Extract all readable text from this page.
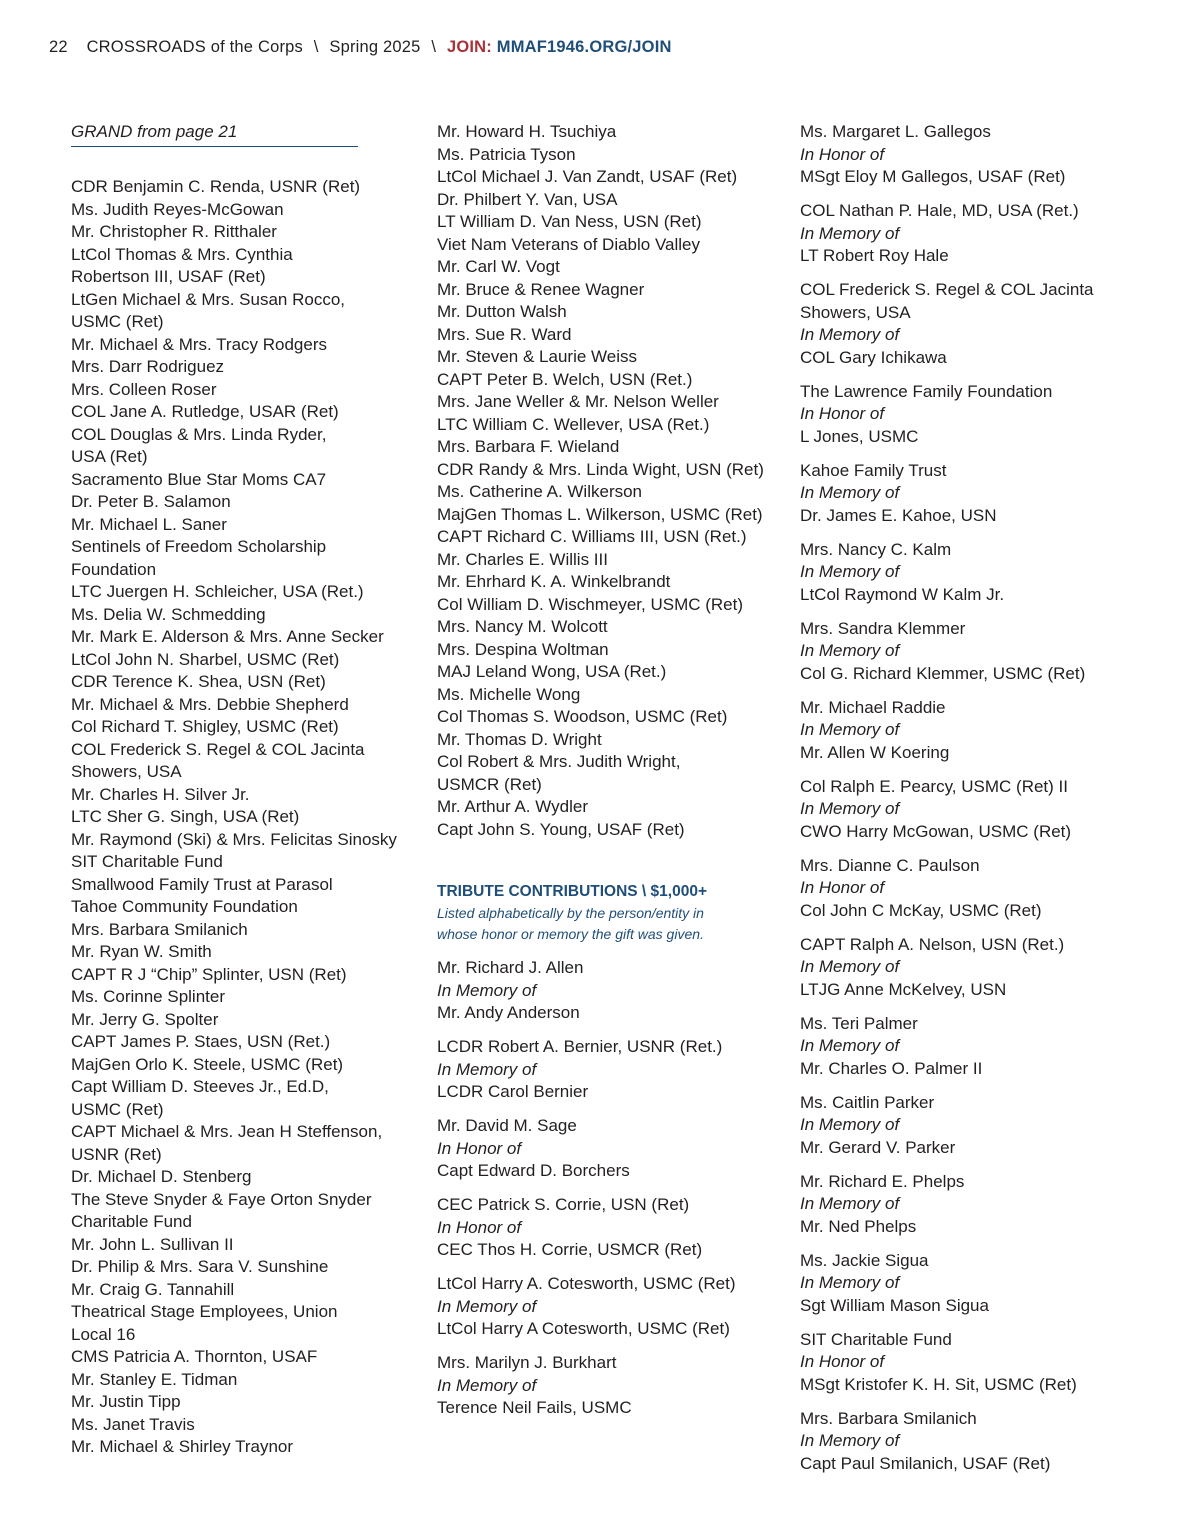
22 CROSSROADS of the Corps \ Spring 2025 \ JOIN: MMAF1946.ORG/JOIN
GRAND from page 21
CDR Benjamin C. Renda, USNR (Ret)
Ms. Judith Reyes-McGowan
Mr. Christopher R. Ritthaler
LtCol Thomas & Mrs. Cynthia
Robertson III, USAF (Ret)
LtGen Michael & Mrs. Susan Rocco,
USMC (Ret)
Mr. Michael & Mrs. Tracy Rodgers
Mrs. Darr Rodriguez
Mrs. Colleen Roser
COL Jane A. Rutledge, USAR (Ret)
COL Douglas & Mrs. Linda Ryder,
USA (Ret)
Sacramento Blue Star Moms CA7
Dr. Peter B. Salamon
Mr. Michael L. Saner
Sentinels of Freedom Scholarship
Foundation
LTC Juergen H. Schleicher, USA (Ret.)
Ms. Delia W. Schmedding
Mr. Mark E. Alderson & Mrs. Anne Secker
LtCol John N. Sharbel, USMC (Ret)
CDR Terence K. Shea, USN (Ret)
Mr. Michael & Mrs. Debbie Shepherd
Col Richard T. Shigley, USMC (Ret)
COL Frederick S. Regel & COL Jacinta
Showers, USA
Mr. Charles H. Silver Jr.
LTC Sher G. Singh, USA (Ret)
Mr. Raymond (Ski) & Mrs. Felicitas Sinosky
SIT Charitable Fund
Smallwood Family Trust at Parasol
Tahoe Community Foundation
Mrs. Barbara Smilanich
Mr. Ryan W. Smith
CAPT R J “Chip” Splinter, USN (Ret)
Ms. Corinne Splinter
Mr. Jerry G. Spolter
CAPT James P. Staes, USN (Ret.)
MajGen Orlo K. Steele, USMC (Ret)
Capt William D. Steeves Jr., Ed.D,
USMC (Ret)
CAPT Michael & Mrs. Jean H Steffenson,
USNR (Ret)
Dr. Michael D. Stenberg
The Steve Snyder & Faye Orton Snyder
Charitable Fund
Mr. John L. Sullivan II
Dr. Philip & Mrs. Sara V. Sunshine
Mr. Craig G. Tannahill
Theatrical Stage Employees, Union
Local 16
CMS Patricia A. Thornton, USAF
Mr. Stanley E. Tidman
Mr. Justin Tipp
Ms. Janet Travis
Mr. Michael & Shirley Traynor
Mr. Howard H. Tsuchiya
Ms. Patricia Tyson
LtCol Michael J. Van Zandt, USAF (Ret)
Dr. Philbert Y. Van, USA
LT William D. Van Ness, USN (Ret)
Viet Nam Veterans of Diablo Valley
Mr. Carl W. Vogt
Mr. Bruce & Renee Wagner
Mr. Dutton Walsh
Mrs. Sue R. Ward
Mr. Steven & Laurie Weiss
CAPT Peter B. Welch, USN (Ret.)
Mrs. Jane Weller & Mr. Nelson Weller
LTC William C. Wellever, USA (Ret.)
Mrs. Barbara F. Wieland
CDR Randy & Mrs. Linda Wight, USN (Ret)
Ms. Catherine A. Wilkerson
MajGen Thomas L. Wilkerson, USMC (Ret)
CAPT Richard C. Williams III, USN (Ret.)
Mr. Charles E. Willis III
Mr. Ehrhard K. A. Winkelbrandt
Col William D. Wischmeyer, USMC (Ret)
Mrs. Nancy M. Wolcott
Mrs. Despina Woltman
MAJ Leland Wong, USA (Ret.)
Ms. Michelle Wong
Col Thomas S. Woodson, USMC (Ret)
Mr. Thomas D. Wright
Col Robert & Mrs. Judith Wright,
USMCR (Ret)
Mr. Arthur A. Wydler
Capt John S. Young, USAF (Ret)
TRIBUTE CONTRIBUTIONS \ $1,000+
Listed alphabetically by the person/entity in
whose honor or memory the gift was given.
Mr. Richard J. Allen
In Memory of
Mr. Andy Anderson
LCDR Robert A. Bernier, USNR (Ret.)
In Memory of
LCDR Carol Bernier
Mr. David M. Sage
In Honor of
Capt Edward D. Borchers
CEC Patrick S. Corrie, USN (Ret)
In Honor of
CEC Thos H. Corrie, USMCR (Ret)
LtCol Harry A. Cotesworth, USMC (Ret)
In Memory of
LtCol Harry A Cotesworth, USMC (Ret)
Mrs. Marilyn J. Burkhart
In Memory of
Terence Neil Fails, USMC
Ms. Margaret L. Gallegos
In Honor of
MSgt Eloy M Gallegos, USAF (Ret)
COL Nathan P. Hale, MD, USA (Ret.)
In Memory of
LT Robert Roy Hale
COL Frederick S. Regel & COL Jacinta
Showers, USA
In Memory of
COL Gary Ichikawa
The Lawrence Family Foundation
In Honor of
L Jones, USMC
Kahoe Family Trust
In Memory of
Dr. James E. Kahoe, USN
Mrs. Nancy C. Kalm
In Memory of
LtCol Raymond W Kalm Jr.
Mrs. Sandra Klemmer
In Memory of
Col G. Richard Klemmer, USMC (Ret)
Mr. Michael Raddie
In Memory of
Mr. Allen W Koering
Col Ralph E. Pearcy, USMC (Ret) II
In Memory of
CWO Harry McGowan, USMC (Ret)
Mrs. Dianne C. Paulson
In Honor of
Col John C McKay, USMC (Ret)
CAPT Ralph A. Nelson, USN (Ret.)
In Memory of
LTJG Anne McKelvey, USN
Ms. Teri Palmer
In Memory of
Mr. Charles O. Palmer II
Ms. Caitlin Parker
In Memory of
Mr. Gerard V. Parker
Mr. Richard E. Phelps
In Memory of
Mr. Ned Phelps
Ms. Jackie Sigua
In Memory of
Sgt William Mason Sigua
SIT Charitable Fund
In Honor of
MSgt Kristofer K. H. Sit, USMC (Ret)
Mrs. Barbara Smilanich
In Memory of
Capt Paul Smilanich, USAF (Ret)
